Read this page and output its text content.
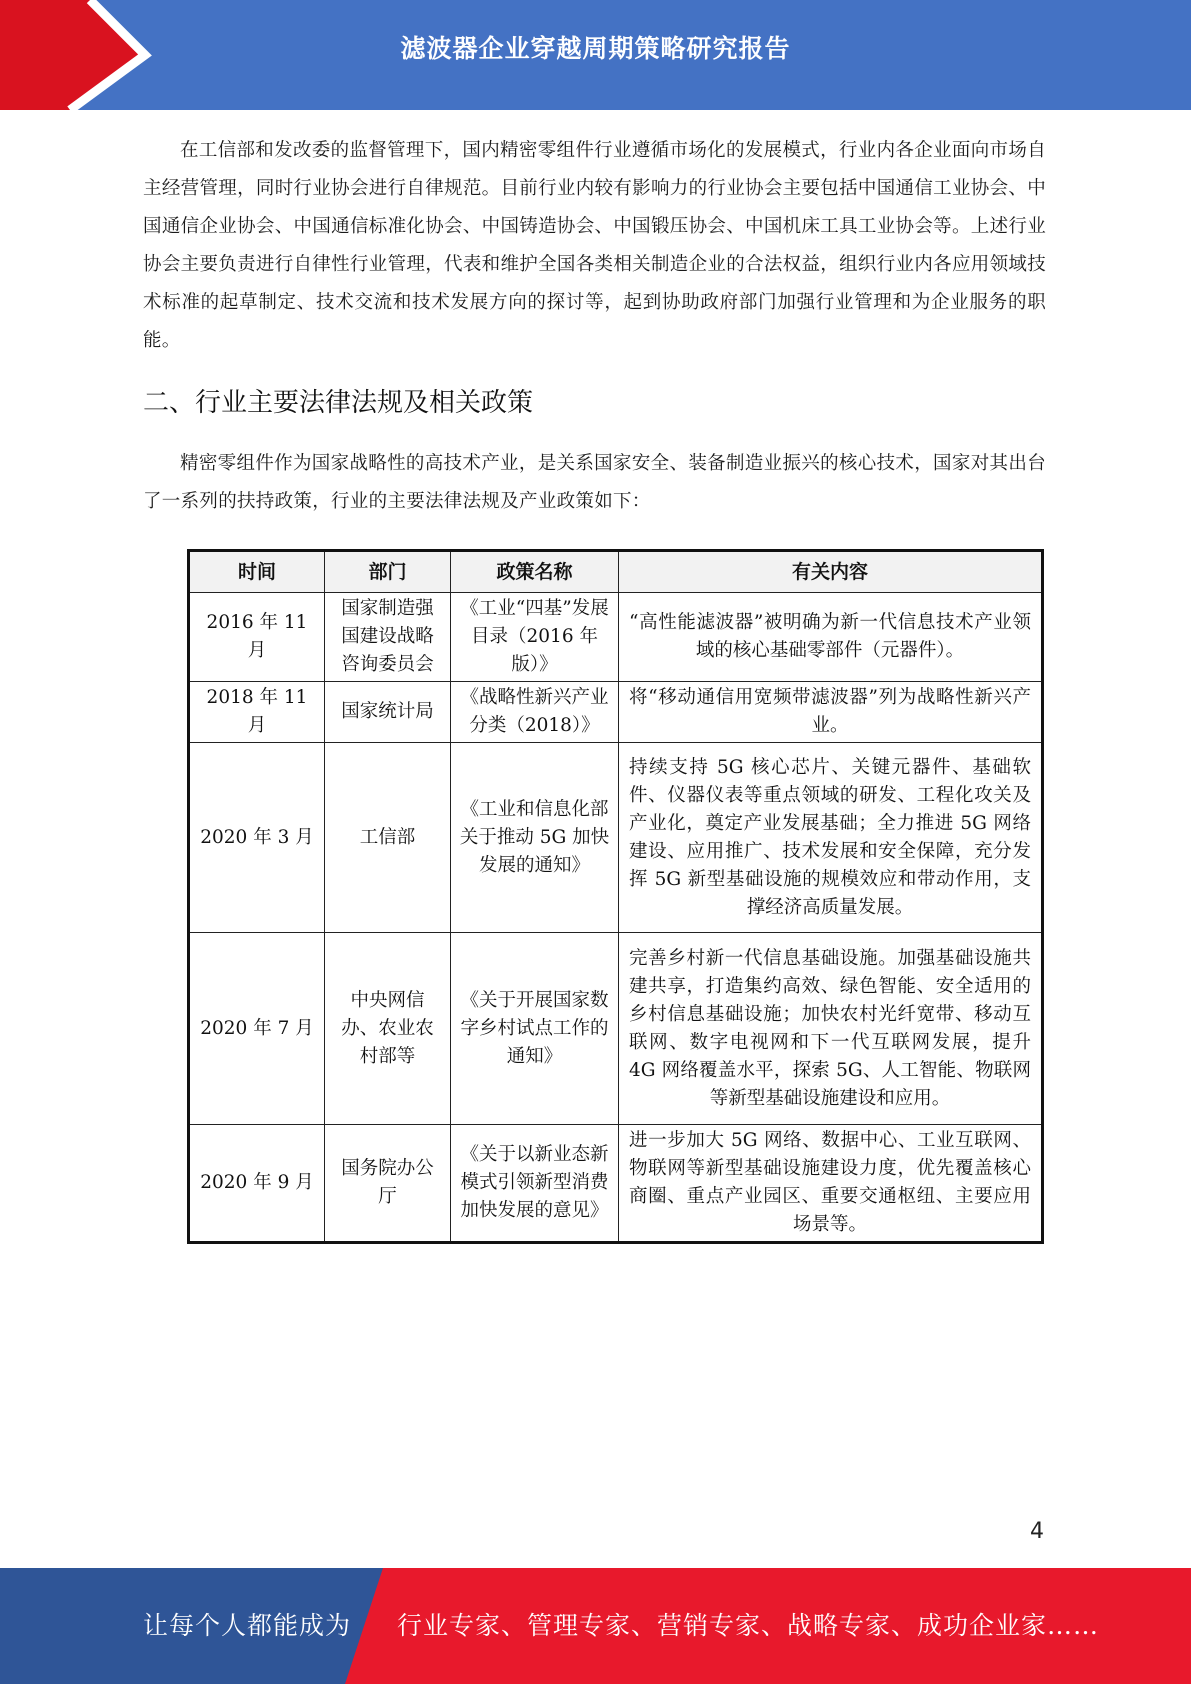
滤波器企业穿越周期策略研究报告

在工信部和发改委的监督管理下，国内精密零组件行业遵循市场化的发展模式，行业内各企业面向市场自主经营管理，同时行业协会进行自律规范。目前行业内较有影响力的行业协会主要包括中国通信工业协会、中国通信企业协会、中国通信标准化协会、中国铸造协会、中国锻压协会、中国机床工具工业协会等。上述行业协会主要负责进行自律性行业管理，代表和维护全国各类相关制造企业的合法权益，组织行业内各应用领域技术标准的起草制定、技术交流和技术发展方向的探讨等，起到协助政府部门加强行业管理和为企业服务的职能。

二、行业主要法律法规及相关政策

精密零组件作为国家战略性的高技术产业，是关系国家安全、装备制造业振兴的核心技术，国家对其出台了一系列的扶持政策，行业的主要法律法规及产业政策如下：

时间	部门	政策名称	有关内容
2016 年 11 月	国家制造强国建设战略咨询委员会	《工业“四基”发展目录（2016 年版）》	“高性能滤波器”被明确为新一代信息技术产业领域的核心基础零部件（元器件）。
2018 年 11 月	国家统计局	《战略性新兴产业分类（2018）》	将“移动通信用宽频带滤波器”列为战略性新兴产业。
2020 年 3 月	工信部	《工业和信息化部关于推动 5G 加快发展的通知》	持续支持 5G 核心芯片、关键元器件、基础软件、仪器仪表等重点领域的研发、工程化攻关及产业化，奠定产业发展基础；全力推进 5G 网络建设、应用推广、技术发展和安全保障，充分发挥 5G 新型基础设施的规模效应和带动作用，支撑经济高质量发展。
2020 年 7 月	中央网信办、农业农村部等	《关于开展国家数字乡村试点工作的通知》	完善乡村新一代信息基础设施。加强基础设施共建共享，打造集约高效、绿色智能、安全适用的乡村信息基础设施；加快农村光纤宽带、移动互联网、数字电视网和下一代互联网发展，提升 4G 网络覆盖水平，探索 5G、人工智能、物联网等新型基础设施建设和应用。
2020 年 9 月	国务院办公厅	《关于以新业态新模式引领新型消费加快发展的意见》	进一步加大 5G 网络、数据中心、工业互联网、物联网等新型基础设施建设力度，优先覆盖核心商圈、重点产业园区、重要交通枢纽、主要应用场景等。
4
让每个人都能成为 行业专家、管理专家、营销专家、战略专家、成功企业家……
